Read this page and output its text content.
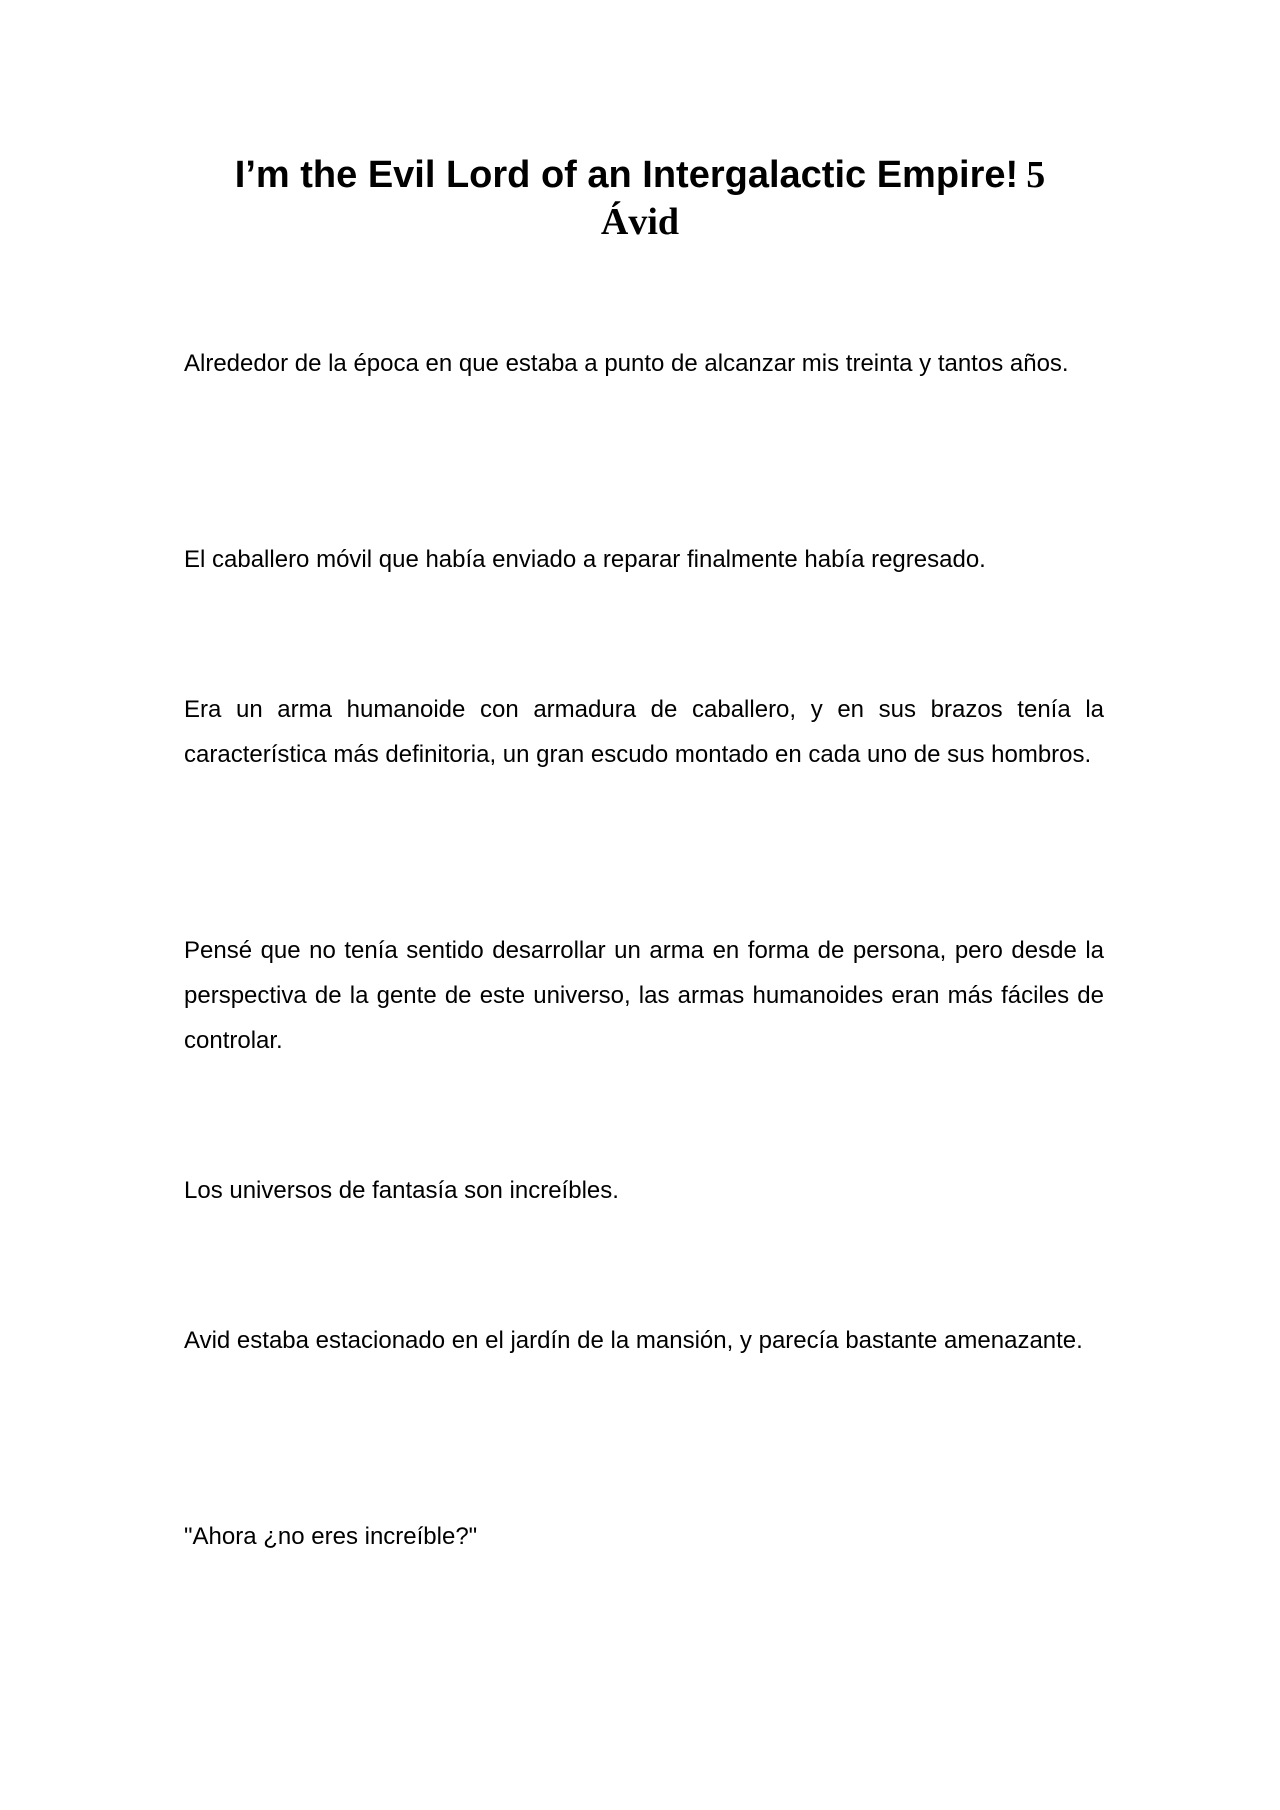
I’m the Evil Lord of an Intergalactic Empire! 5
Ávid

Alrededor de la época en que estaba a punto de alcanzar mis treinta y tantos años.

El caballero móvil que había enviado a reparar finalmente había regresado.

Era un arma humanoide con armadura de caballero, y en sus brazos tenía la característica más definitoria, un gran escudo montado en cada uno de sus hombros.

Pensé que no tenía sentido desarrollar un arma en forma de persona, pero desde la perspectiva de la gente de este universo, las armas humanoides eran más fáciles de controlar.

Los universos de fantasía son increíbles.

Avid estaba estacionado en el jardín de la mansión, y parecía bastante amenazante.

"Ahora ¿no eres increíble?"
